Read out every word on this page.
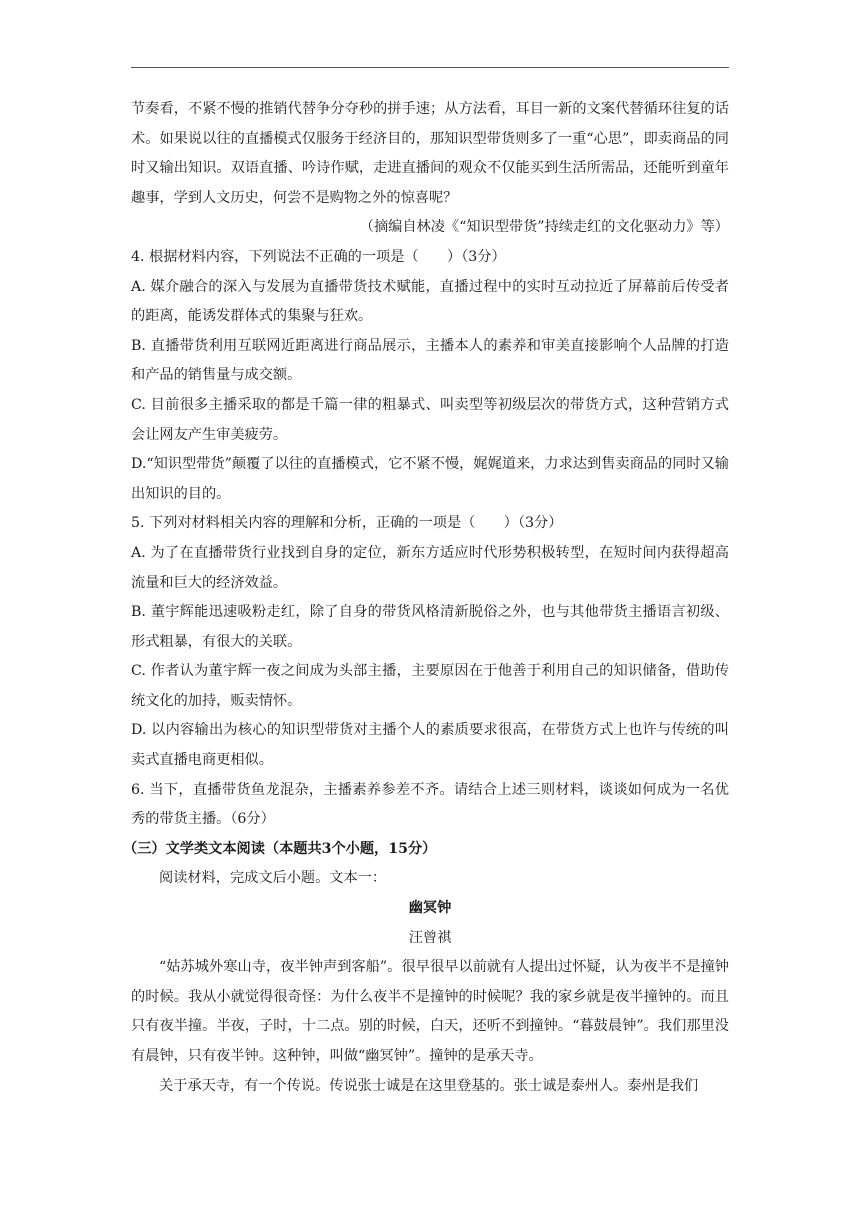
节奏看，不紧不慢的推销代替争分夺秒的拼手速；从方法看，耳目一新的文案代替循环往复的话术。如果说以往的直播模式仅服务于经济目的，那知识型带货则多了一重“心思”，即卖商品的同时又输出知识。双语直播、吟诗作赋，走进直播间的观众不仅能买到生活所需品，还能听到童年趣事，学到人文历史，何尝不是购物之外的惊喜呢？

（摘编自林凌《“知识型带货”持续走红的文化驱动力》等）

4. 根据材料内容，下列说法不正确的一项是（　　）（3分）

A. 媒介融合的深入与发展为直播带货技术赋能，直播过程中的实时互动拉近了屏幕前后传受者的距离，能诱发群体式的集聚与狂欢。

B. 直播带货利用互联网近距离进行商品展示，主播本人的素养和审美直接影响个人品牌的打造和产品的销售量与成交额。

C. 目前很多主播采取的都是千篇一律的粗暴式、叫卖型等初级层次的带货方式，这种营销方式会让网友产生审美疲劳。

D.“知识型带货”颠覆了以往的直播模式，它不紧不慢，娓娓道来，力求达到售卖商品的同时又输出知识的目的。

5. 下列对材料相关内容的理解和分析，正确的一项是（　　）（3分）

A. 为了在直播带货行业找到自身的定位，新东方适应时代形势积极转型，在短时间内获得超高流量和巨大的经济效益。

B. 董宇辉能迅速吸粉走红，除了自身的带货风格清新脱俗之外，也与其他带货主播语言初级、形式粗暴，有很大的关联。

C. 作者认为董宇辉一夜之间成为头部主播，主要原因在于他善于利用自己的知识储备，借助传统文化的加持，贩卖情怀。

D. 以内容输出为核心的知识型带货对主播个人的素质要求很高，在带货方式上也许与传统的叫卖式直播电商更相似。

6. 当下，直播带货鱼龙混杂，主播素养参差不齐。请结合上述三则材料，谈谈如何成为一名优秀的带货主播。（6分）

（三）文学类文本阅读（本题共3个小题，15分）

阅读材料，完成文后小题。文本一：

幽冥钟

汪曾祺

“姑苏城外寒山寺，夜半钟声到客船”。很早很早以前就有人提出过怀疑，认为夜半不是撞钟的时候。我从小就觉得很奇怪：为什么夜半不是撞钟的时候呢？我的家乡就是夜半撞钟的。而且只有夜半撞。半夜，子时，十二点。别的时候，白天，还听不到撞钟。“暮鼓晨钟”。我们那里没有晨钟，只有夜半钟。这种钟，叫做“幽冥钟”。撞钟的是承天寺。

关于承天寺，有一个传说。传说张士诚是在这里登基的。张士诚是泰州人。泰州是我们
